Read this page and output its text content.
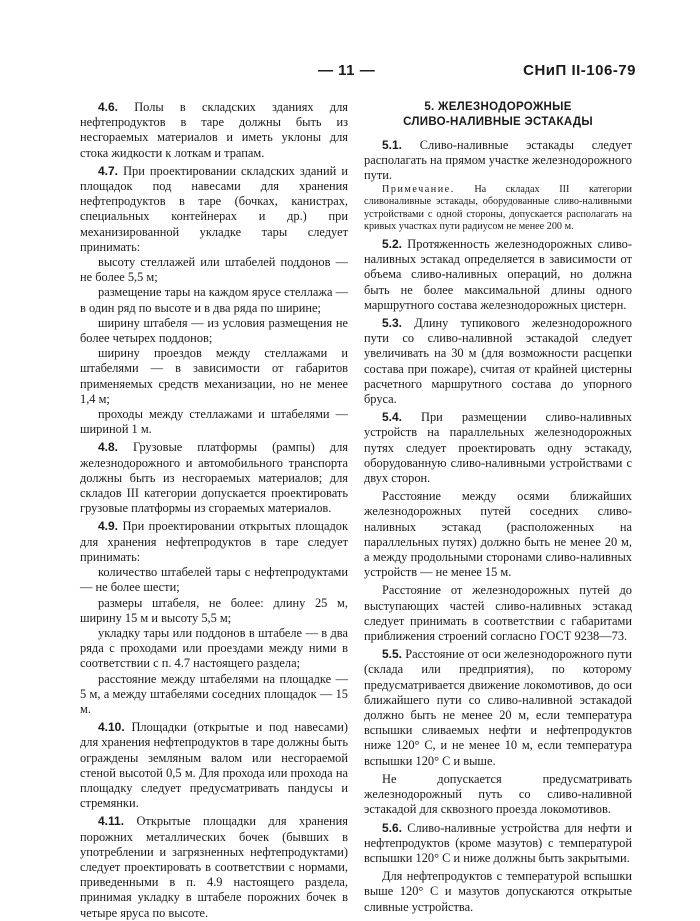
— 11 —	СНиП II-106-79

4.6. Полы в складских зданиях для нефтепродуктов в таре должны быть из несгораемых материалов и иметь уклоны для стока жидкости к лоткам и трапам.

4.7. При проектировании складских зданий и площадок под навесами для хранения нефтепродуктов в таре (бочках, канистрах, специальных контейнерах и др.) при механизированной укладке тары следует принимать:

высоту стеллажей или штабелей поддонов — не более 5,5 м;

размещение тары на каждом ярусе стеллажа — в один ряд по высоте и в два ряда по ширине;

ширину штабеля — из условия размещения не более четырех поддонов;

ширину проездов между стеллажами и штабелями — в зависимости от габаритов применяемых средств механизации, но не менее 1,4 м;

проходы между стеллажами и штабелями — шириной 1 м.

4.8. Грузовые платформы (рампы) для железнодорожного и автомобильного транспорта должны быть из несгораемых материалов; для складов III категории допускается проектировать грузовые платформы из сгораемых материалов.

4.9. При проектировании открытых площадок для хранения нефтепродуктов в таре следует принимать:

количество штабелей тары с нефтепродуктами — не более шести;

размеры штабеля, не более: длину 25 м, ширину 15 м и высоту 5,5 м;

укладку тары или поддонов в штабеле — в два ряда с проходами или проездами между ними в соответствии с п. 4.7 настоящего раздела;

расстояние между штабелями на площадке — 5 м, а между штабелями соседних площадок — 15 м.

4.10. Площадки (открытые и под навесами) для хранения нефтепродуктов в таре должны быть ограждены земляным валом или несгораемой стеной высотой 0,5 м. Для прохода или прохода на площадку следует предусматривать пандусы и стремянки.

4.11. Открытые площадки для хранения порожних металлических бочек (бывших в употреблении и загрязненных нефтепродуктами) следует проектировать в соответствии с нормами, приведенными в п. 4.9 настоящего раздела, принимая укладку в штабеле порожних бочек в четыре яруса по высоте.

5. ЖЕЛЕЗНОДОРОЖНЫЕ
СЛИВО-НАЛИВНЫЕ ЭСТАКАДЫ

5.1. Сливо-наливные эстакады следует располагать на прямом участке железнодорожного пути.

Примечание. На складах III категории сливоналивные эстакады, оборудованные сливо-наливными устройствами с одной стороны, допускается располагать на кривых участках пути радиусом не менее 200 м.

5.2. Протяженность железнодорожных сливо-наливных эстакад определяется в зависимости от объема сливо-наливных операций, но должна быть не более максимальной длины одного маршрутного состава железнодорожных цистерн.

5.3. Длину тупикового железнодорожного пути со сливо-наливной эстакадой следует увеличивать на 30 м (для возможности расцепки состава при пожаре), считая от крайней цистерны расчетного маршрутного состава до упорного бруса.

5.4. При размещении сливо-наливных устройств на параллельных железнодорожных путях следует проектировать одну эстакаду, оборудованную сливо-наливными устройствами с двух сторон.

Расстояние между осями ближайших железнодорожных путей соседних сливо-наливных эстакад (расположенных на параллельных путях) должно быть не менее 20 м, а между продольными сторонами сливо-наливных устройств — не менее 15 м.

Расстояние от железнодорожных путей до выступающих частей сливо-наливных эстакад следует принимать в соответствии с габаритами приближения строений согласно ГОСТ 9238—73.

5.5. Расстояние от оси железнодорожного пути (склада или предприятия), по которому предусматривается движение локомотивов, до оси ближайшего пути со сливо-наливной эстакадой должно быть не менее 20 м, если температура вспышки сливаемых нефти и нефтепродуктов ниже 120° С, и не менее 10 м, если температура вспышки 120° С и выше.

Не допускается предусматривать железнодорожный путь со сливо-наливной эстакадой для сквозного проезда локомотивов.

5.6. Сливо-наливные устройства для нефти и нефтепродуктов (кроме мазутов) с температурой вспышки 120° С и ниже должны быть закрытыми.

Для нефтепродуктов с температурой вспышки выше 120° С и мазутов допускаются открытые сливные устройства.
